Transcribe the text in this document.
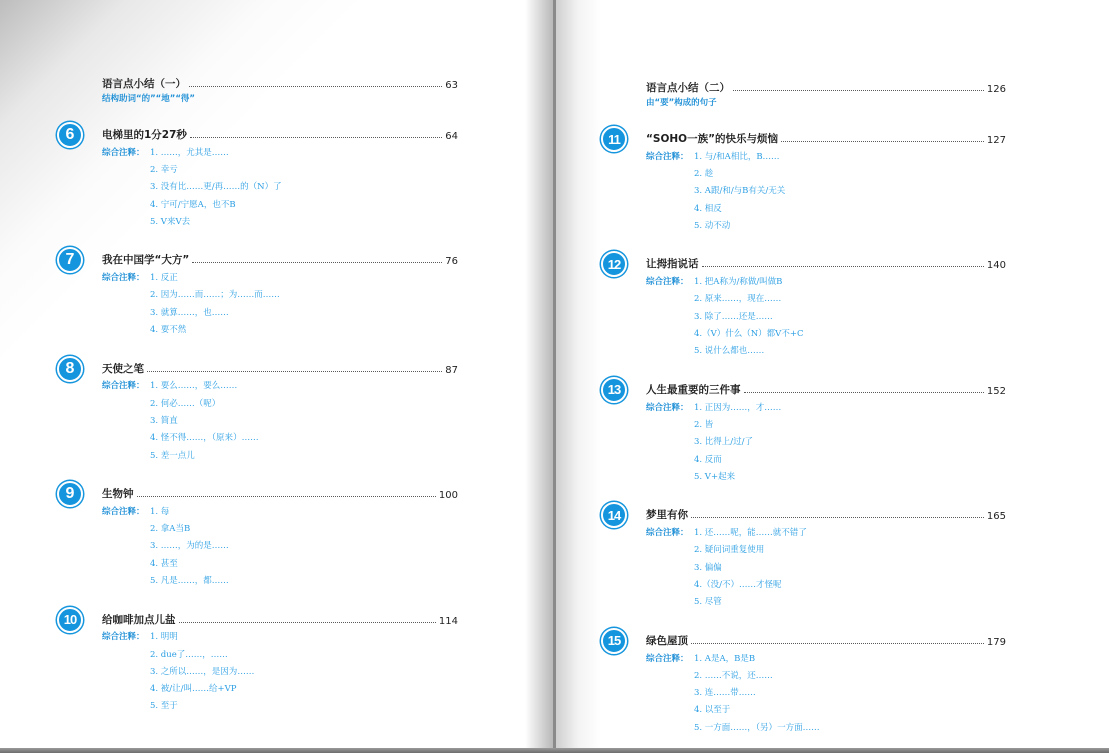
语言点小结（一）	63
结构助词“的”“地”“得”
6	电梯里的1分27秒	64
综合注释： 1. ……，尤其是……
2. 幸亏
3. 没有比……更/再……的（N）了
4. 宁可/宁愿A，也不B
5. V来V去
7	我在中国学“大方”	76
综合注释： 1. 反正
2. 因为……而……；为……而……
3. 就算……，也……
4. 要不然
8	天使之笔	87
综合注释： 1. 要么……，要么……
2. 何必……（呢）
3. 简直
4. 怪不得……，（原来）……
5. 差一点儿
9	生物钟	100
综合注释： 1. 每
2. 拿A当B
3. ……，为的是……
4. 甚至
5. 凡是……，都……
10	给咖啡加点儿盐	114
综合注释： 1. 明明
2. due了……，……
3. 之所以……，是因为……
4. 被/让/叫……给+VP
5. 至于
语言点小结（二）	126
由“要”构成的句子
11	“SOHO一族”的快乐与烦恼	127
综合注释： 1. 与/和A相比，B……
2. 趁
3. A跟/和/与B有关/无关
4. 相反
5. 动不动
12	让拇指说话	140
综合注释： 1. 把A称为/称做/叫做B
2. 原来……，现在……
3. 除了……还是……
4.（V）什么（N）都V不+C
5. 说什么都也……
13	人生最重要的三件事	152
综合注释： 1. 正因为……，才……
2. 皆
3. 比得上/过/了
4. 反而
5. V+起来
14	梦里有你	165
综合注释： 1. 还……呢，能……就不错了
2. 疑问词重复使用
3. 偏偏
4.（没/不）……才怪呢
5. 尽管
15	绿色屋顶	179
综合注释： 1. A是A，B是B
2. ……不说，还……
3. 连……带……
4. 以至于
5. 一方面……，（另）一方面……
